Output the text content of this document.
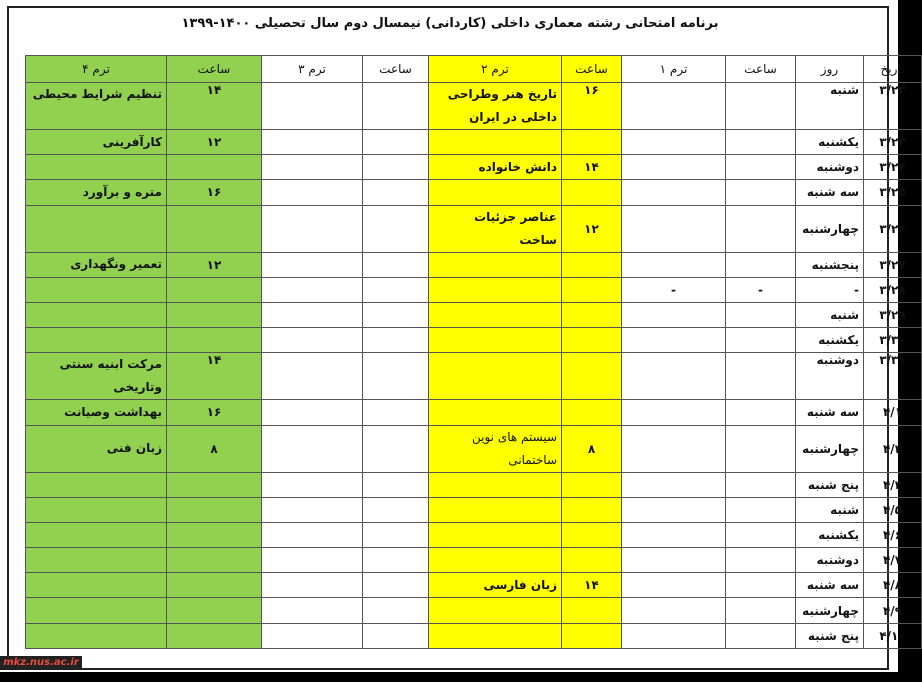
برنامه امتحانی رشته معماری داخلی (کاردانی) نیمسال دوم سال تحصیلی ۱۴۰۰-۱۳۹۹
تاریخ	روز	ساعت	ترم ۱	ساعت	ترم ۲	ساعت	ترم ۳	ساعت	ترم ۴
۳/۲۲	شنبه			۱۶	تاریخ هنر وطراحی داخلی در ایران			۱۴	تنظیم شرایط محیطی
۳/۲۳	یکشنبه							۱۲	کارآفرینی
۳/۲۴	دوشنبه			۱۴	دانش خانواده				
۳/۲۵	سه شنبه							۱۶	متره و برآورد
۳/۲۶	چهارشنبه			۱۲	عناصر جزئیات ساخت				
۳/۲۷	پنجشنبه							۱۲	تعمیر ونگهداری
۳/۲۸	-	-	-						
۳/۲۹	شنبه								
۳/۳۰	یکشنبه								
۳/۳۱	دوشنبه							۱۴	مرکت ابنیه سنتی وتاریخی
۴/۱	سه شنبه							۱۶	بهداشت وصیانت
۴/۲	چهارشنبه			۸	سیستم های نوین ساختمانی			۸	زبان فنی
۴/۳	پنج شنبه								
۴/۵	شنبه								
۴/۶	یکشنبه								
۴/۷	دوشنبه								
۴/۸	سه شنبه			۱۴	زبان فارسی				
۴/۹	چهارشنبه								
۴/۱۰	پنج شنبه								
mkz.nus.ac.ir
